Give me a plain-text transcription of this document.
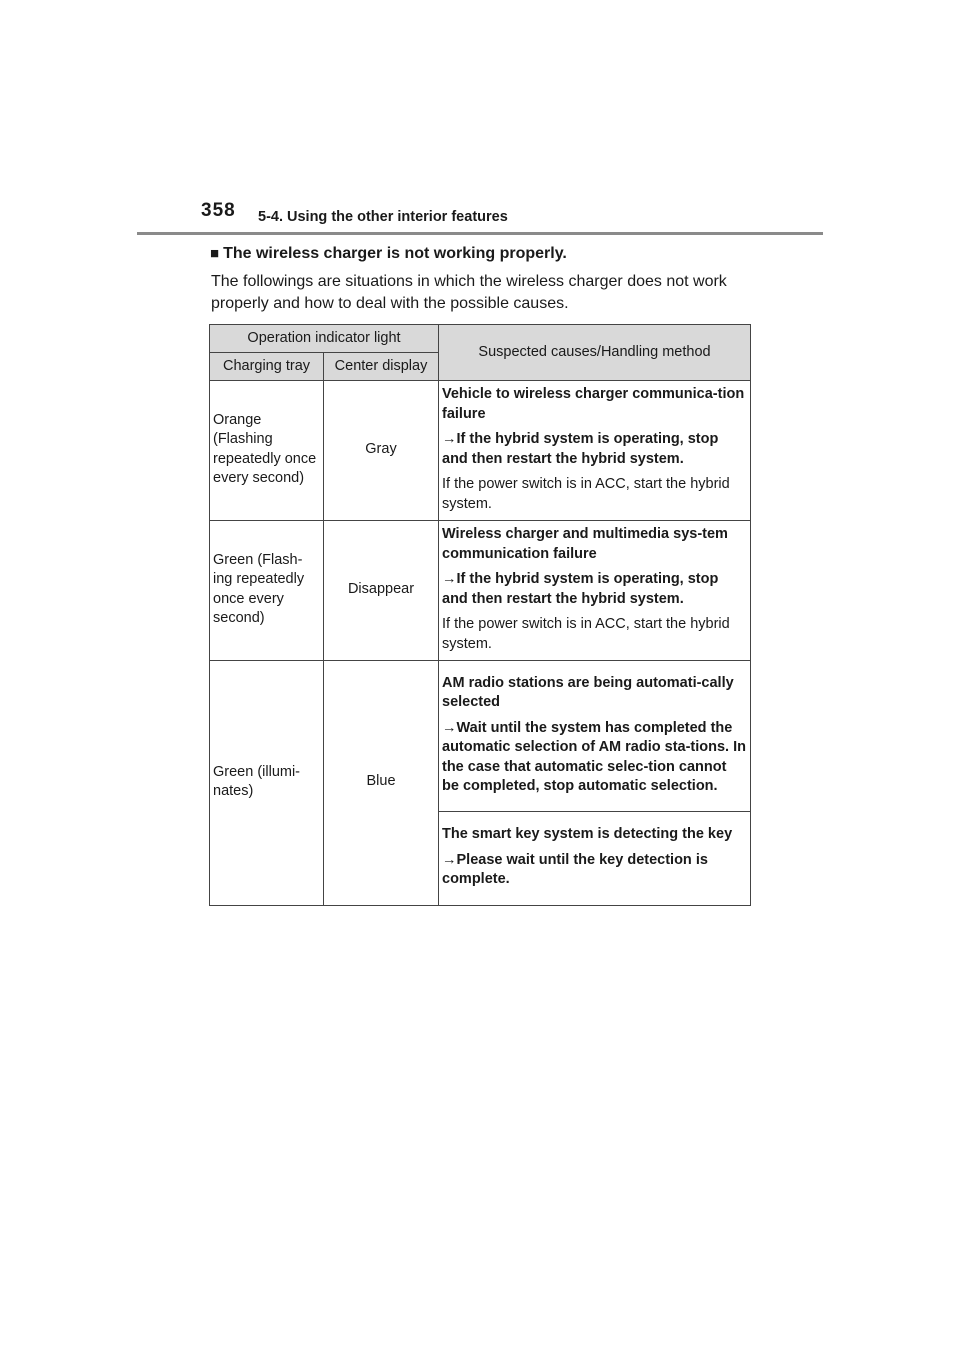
358 5-4. Using the other interior features
■ The wireless charger is not working properly.
The followings are situations in which the wireless charger does not work properly and how to deal with the possible causes.
Operation indicator light		Suspected causes/Handling method
Charging tray	Center display	
Orange (Flashing repeatedly once every second)	Gray	Vehicle to wireless charger communica-tion failure

→If the hybrid system is operating, stop and then restart the hybrid system.

If the power switch is in ACC, start the hybrid system.

Green (Flash-ing repeatedly once every second)	Disappear	Wireless charger and multimedia sys-tem communication failure

→If the hybrid system is operating, stop and then restart the hybrid system.

If the power switch is in ACC, start the hybrid system.

Green (illumi-nates)	Blue	AM radio stations are being automati-cally selected

→Wait until the system has completed the automatic selection of AM radio sta-tions. In the case that automatic selec-tion cannot be completed, stop automatic selection.

		The smart key system is detecting the key

→Please wait until the key detection is complete.
